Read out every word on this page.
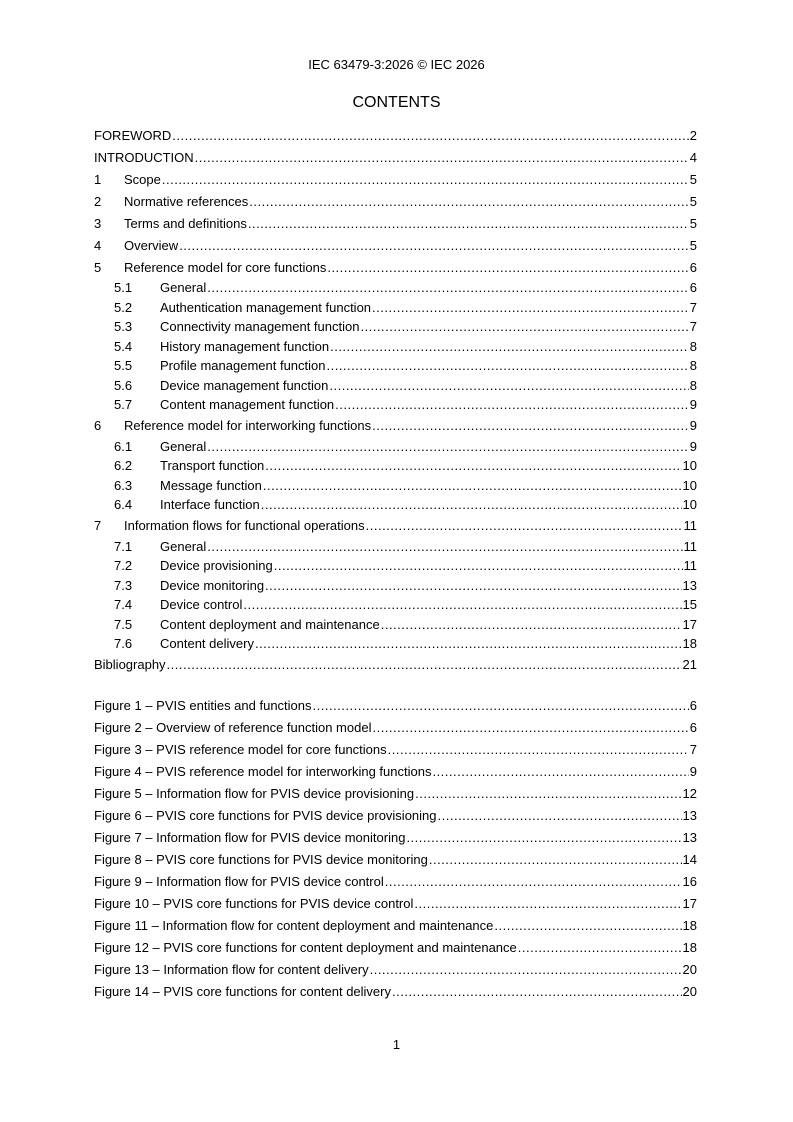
IEC 63479-3:2026 © IEC 2026
CONTENTS
FOREWORD .....	2
INTRODUCTION .....	4
1	Scope .....	5
2	Normative references .....	5
3	Terms and definitions .....	5
4	Overview .....	5
5	Reference model for core functions .....	6
5.1	General .....	6
5.2	Authentication management function .....	7
5.3	Connectivity management function .....	7
5.4	History management function .....	8
5.5	Profile management function .....	8
5.6	Device management function .....	8
5.7	Content management function .....	9
6	Reference model for interworking functions .....	9
6.1	General .....	9
6.2	Transport function .....	10
6.3	Message function .....	10
6.4	Interface function .....	10
7	Information flows for functional operations .....	11
7.1	General .....	11
7.2	Device provisioning .....	11
7.3	Device monitoring .....	13
7.4	Device control .....	15
7.5	Content deployment and maintenance .....	17
7.6	Content delivery .....	18
Bibliography .....	21
Figure 1 – PVIS entities and functions .....	6
Figure 2 – Overview of reference function model .....	6
Figure 3 – PVIS reference model for core functions .....	7
Figure 4 – PVIS reference model for interworking functions .....	9
Figure 5 – Information flow for PVIS device provisioning .....	12
Figure 6 – PVIS core functions for PVIS device provisioning .....	13
Figure 7 – Information flow for PVIS device monitoring .....	13
Figure 8 – PVIS core functions for PVIS device monitoring .....	14
Figure 9 – Information flow for PVIS device control .....	16
Figure 10 – PVIS core functions for PVIS device control .....	17
Figure 11 – Information flow for content deployment and maintenance .....	18
Figure 12 – PVIS core functions for content deployment and maintenance .....	18
Figure 13 – Information flow for content delivery .....	20
Figure 14 – PVIS core functions for content delivery .....	20
1
